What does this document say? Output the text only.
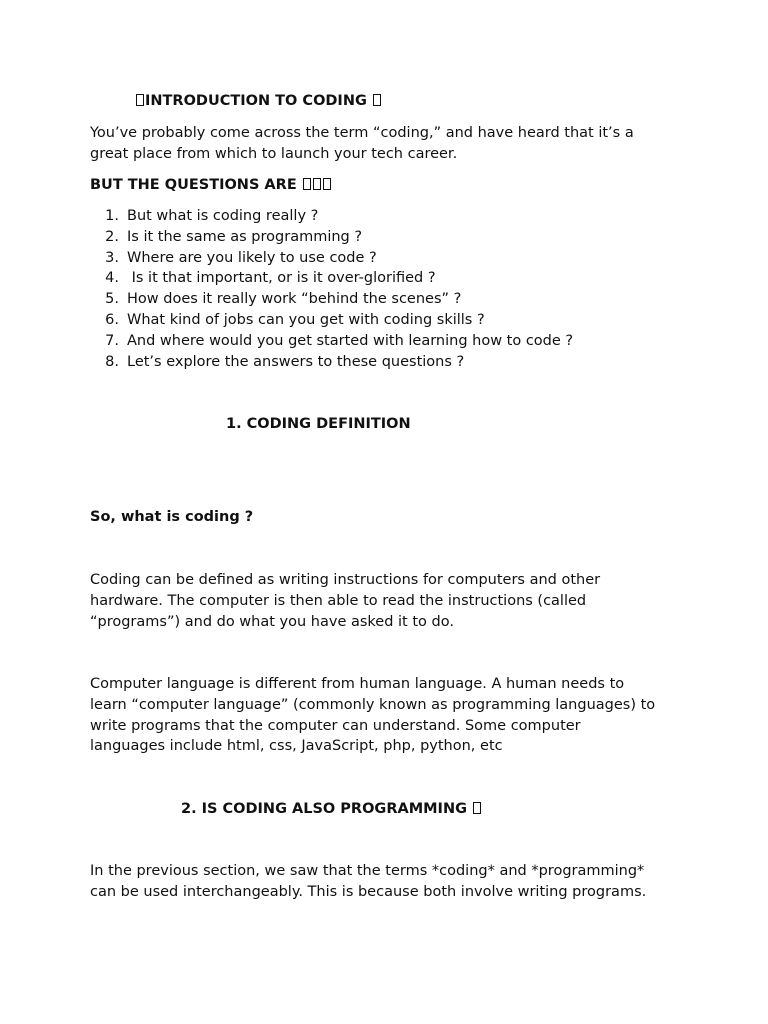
INTRODUCTION TO CODING

You’ve probably come across the term “coding,” and have heard that it’s a
great place from which to launch your tech career.

BUT THE QUESTIONS ARE

1. But what is coding really ?
2. Is it the same as programming ?
3. Where are you likely to use code ?
4. Is it that important, or is it over-glorified ?
5. How does it really work “behind the scenes” ?
6. What kind of jobs can you get with coding skills ?
7. And where would you get started with learning how to code ?
8. Let’s explore the answers to these questions ?

1. CODING DEFINITION

So, what is coding ?

Coding can be defined as writing instructions for computers and other
hardware. The computer is then able to read the instructions (called
“programs”) and do what you have asked it to do.
Computer language is different from human language. A human needs to
learn “computer language” (commonly known as programming languages) to
write programs that the computer can understand. Some computer
languages include html, css, JavaScript, php, python, etc

2. IS CODING ALSO PROGRAMMING

In the previous section, we saw that the terms *coding* and *programming*
can be used interchangeably. This is because both involve writing programs.
